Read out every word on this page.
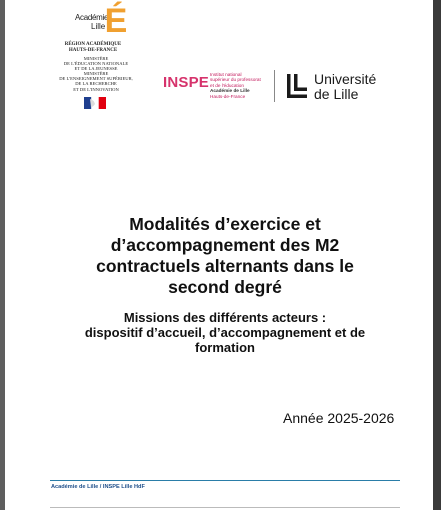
Académie
Lille É
RÉGION ACADÉMIQUE
HAUTS-DE-FRANCE
MINISTÈRE
DE L'ÉDUCATION NATIONALE
ET DE LA JEUNESSE
MINISTÈRE
DE L'ENSEIGNEMENT SUPÉRIEUR,
DE LA RECHERCHE
ET DE L'INNOVATION	INSPE Institut national
supérieur du professorat
et de l'éducation
Académie de Lille
Hauts-de-France
Université
de Lille
Modalités d’exercice et
d’accompagnement des M2
contractuels alternants dans le
second degré
Missions des différents acteurs :
dispositif d’accueil, d’accompagnement et de
formation
Année 2025-2026
Académie de Lille / INSPE Lille HdF
